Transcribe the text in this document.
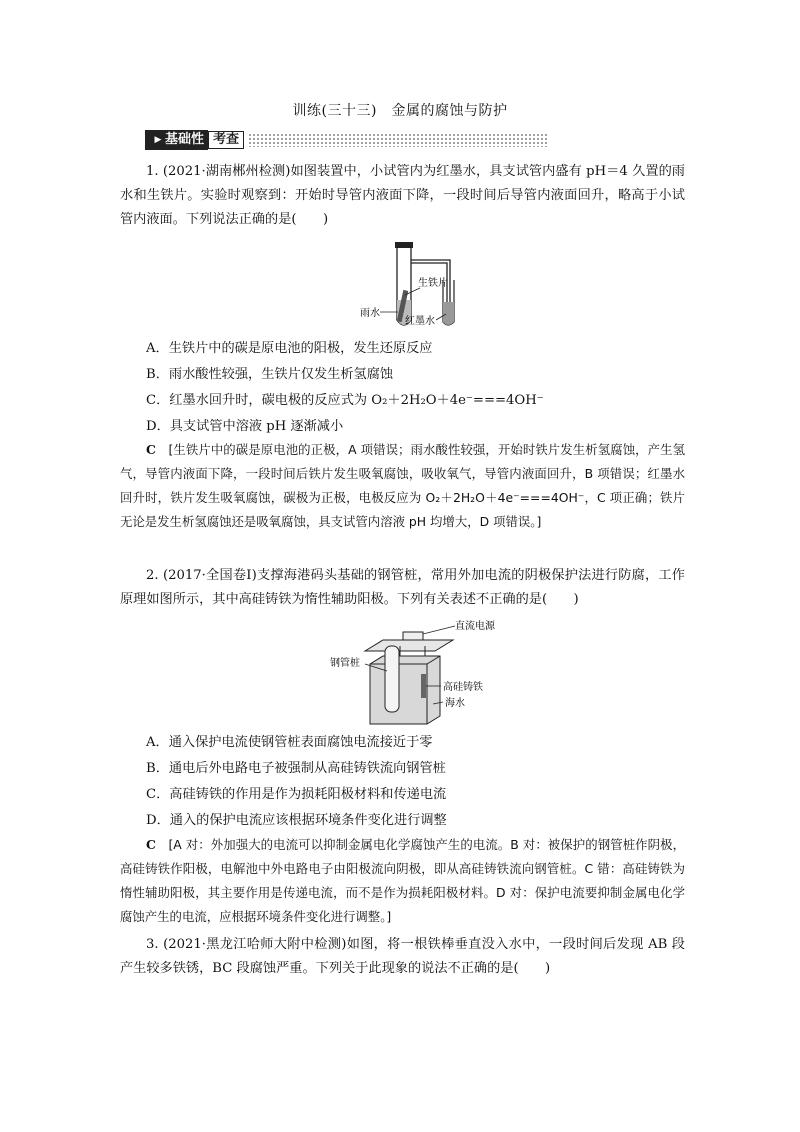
训练(三十三)　金属的腐蚀与防护
▶ 基础性 考查
1. (2021·湖南郴州检测)如图装置中，小试管内为红墨水，具支试管内盛有 pH＝4 久置的雨水和生铁片。实验时观察到：开始时导管内液面下降，一段时间后导管内液面回升，略高于小试管内液面。下列说法正确的是(　　)
生铁片
雨水
红墨水
A．生铁片中的碳是原电池的阳极，发生还原反应
B．雨水酸性较强，生铁片仅发生析氢腐蚀
C．红墨水回升时，碳电极的反应式为 O₂＋2H₂O＋4e⁻===4OH⁻
D．具支试管中溶液 pH 逐渐减小
C　 [生铁片中的碳是原电池的正极，A 项错误；雨水酸性较强，开始时铁片发生析氢腐蚀，产生氢气，导管内液面下降，一段时间后铁片发生吸氧腐蚀，吸收氧气，导管内液面回升，B 项错误；红墨水回升时，铁片发生吸氧腐蚀，碳极为正极，电极反应为 O₂＋2H₂O＋4e⁻===4OH⁻，C 项正确；铁片无论是发生析氢腐蚀还是吸氧腐蚀，具支试管内溶液 pH 均增大，D 项错误。]
2. (2017·全国卷Ⅰ)支撑海港码头基础的钢管桩，常用外加电流的阴极保护法进行防腐，工作原理如图所示，其中高硅铸铁为惰性辅助阳极。下列有关表述不正确的是(　　)
直流电源
钢管桩
高硅铸铁
海水
A．通入保护电流使钢管桩表面腐蚀电流接近于零
B．通电后外电路电子被强制从高硅铸铁流向钢管桩
C．高硅铸铁的作用是作为损耗阳极材料和传递电流
D．通入的保护电流应该根据环境条件变化进行调整
C　 [A 对：外加强大的电流可以抑制金属电化学腐蚀产生的电流。B 对：被保护的钢管桩作阴极，高硅铸铁作阳极，电解池中外电路电子由阳极流向阴极，即从高硅铸铁流向钢管桩。C 错：高硅铸铁为惰性辅助阳极，其主要作用是传递电流，而不是作为损耗阳极材料。D 对：保护电流要抑制金属电化学腐蚀产生的电流，应根据环境条件变化进行调整。]
3. (2021·黑龙江哈师大附中检测)如图，将一根铁棒垂直没入水中，一段时间后发现 AB 段产生较多铁锈，BC 段腐蚀严重。下列关于此现象的说法不正确的是(　　)
